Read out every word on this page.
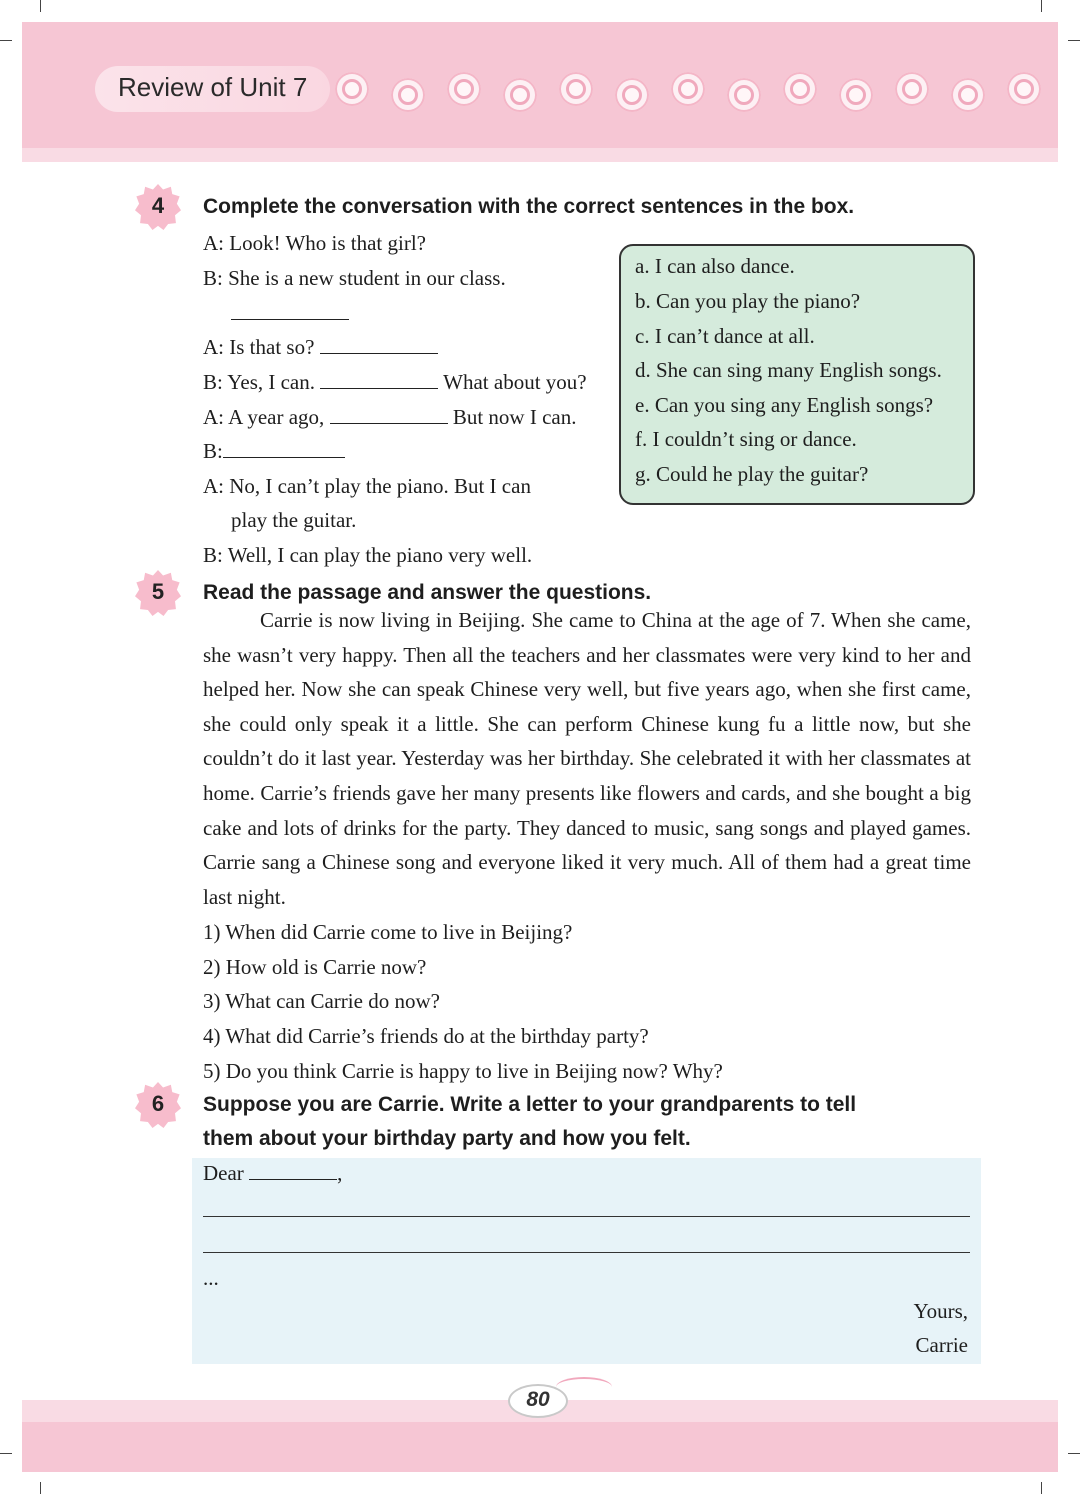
Review of Unit 7
4	Complete the conversation with the correct sentences in the box.
A: Look! Who is that girl?
B: She is a new student in our class.
A: Is that so?
B: Yes, I can.	What about you?
A: A year ago,	But now I can.
B:
A: No, I can’t play the piano. But I can
play the guitar.
B: Well, I can play the piano very well.
a. I can also dance.
b. Can you play the piano?
c. I can’t dance at all.
d. She can sing many English songs.
e. Can you sing any English songs?
f. I couldn’t sing or dance.
g. Could he play the guitar?
5	Read the passage and answer the questions.

Carrie is now living in Beijing. She came to China at the age of 7. When she came, she wasn’t very happy. Then all the teachers and her classmates were very kind to her and helped her. Now she can speak Chinese very well, but five years ago, when she first came, she could only speak it a little. She can perform Chinese kung fu a little now, but she couldn’t do it last year. Yesterday was her birthday. She celebrated it with her classmates at home. Carrie’s friends gave her many presents like flowers and cards, and she bought a big cake and lots of drinks for the party. They danced to music, sang songs and played games. Carrie sang a Chinese song and everyone liked it very much. All of them had a great time last night.

1) When did Carrie come to live in Beijing?
2) How old is Carrie now?
3) What can Carrie do now?
4) What did Carrie’s friends do at the birthday party?
5) Do you think Carrie is happy to live in Beijing now? Why?
6	Suppose you are Carrie. Write a letter to your grandparents to tell
them about your birthday party and how you felt.
Dear	,
...
Yours,
Carrie
80
